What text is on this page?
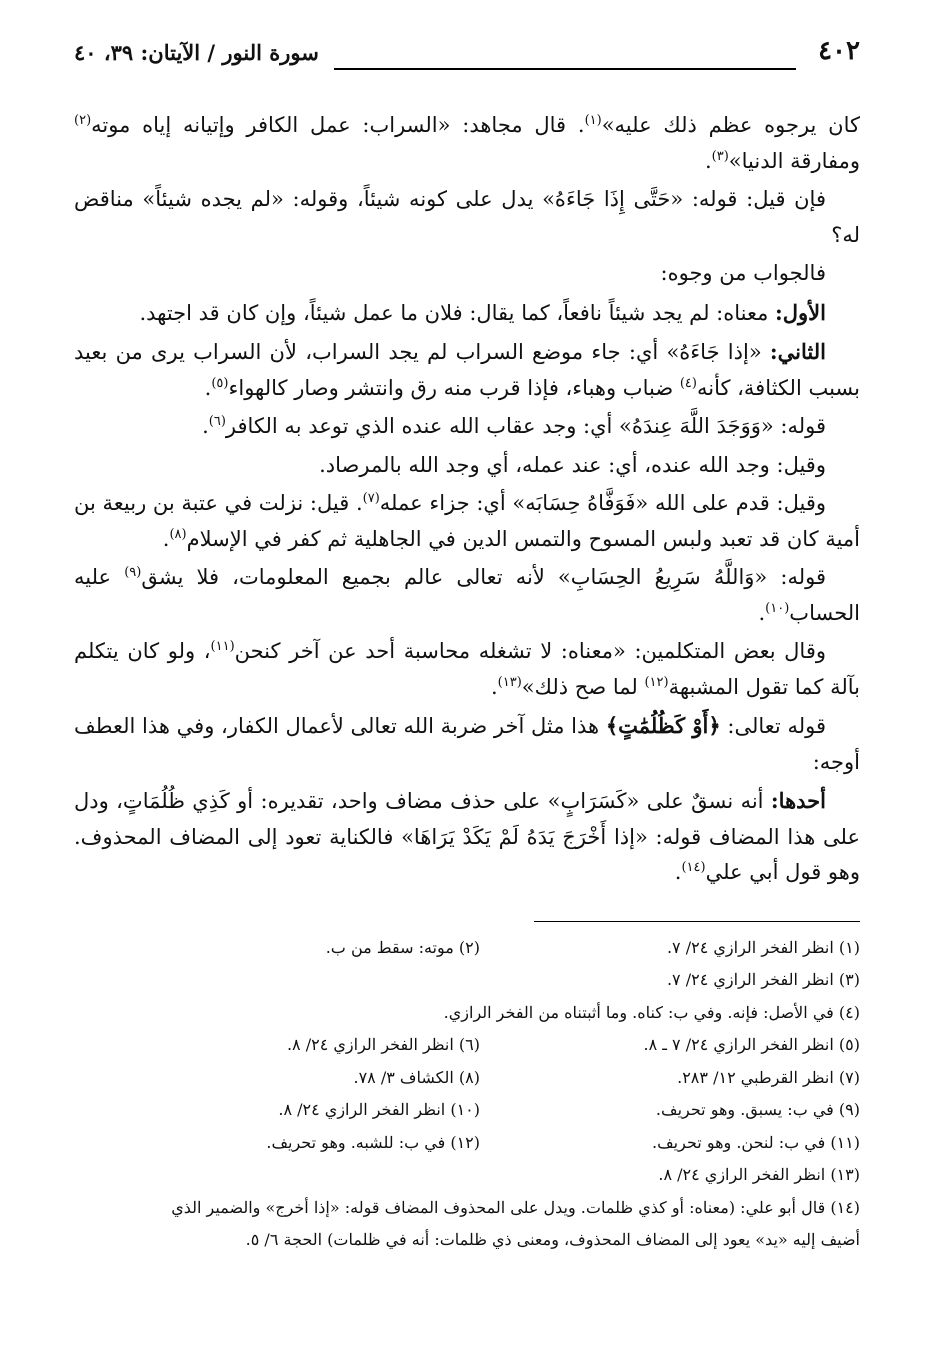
٤٠٢
سورة النور / الآيتان: ٣٩، ٤٠

كان يرجوه عظم ذلك عليه»$^{(١)}$. قال مجاهد: «السراب: عمل الكافر وإتيانه إياه موته$^{(٢)}$ ومفارقة الدنيا»$^{(٣)}$.

فإن قيل: قوله: «حَتَّى إِذَا جَاءَهُ» يدل على كونه شيئاً، وقوله: «لم يجده شيئاً» مناقض له؟

فالجواب من وجوه:

الأول: معناه: لم يجد شيئاً نافعاً، كما يقال: فلان ما عمل شيئاً، وإن كان قد اجتهد.

الثاني: «إذا جَاءَهُ» أي: جاء موضع السراب لم يجد السراب، لأن السراب يرى من بعيد بسبب الكثافة، كأنه$^{(٤)}$ ضباب وهباء، فإذا قرب منه رق وانتشر وصار كالهواء$^{(٥)}$.

قوله: «وَوَجَدَ اللَّهَ عِندَهُ» أي: وجد عقاب الله عنده الذي توعد به الكافر$^{(٦)}$.

وقيل: وجد الله عنده، أي: عند عمله، أي وجد الله بالمرصاد.

وقيل: قدم على الله «فَوَفَّاهُ حِسَابَه» أي: جزاء عمله$^{(٧)}$. قيل: نزلت في عتبة بن ربيعة بن أمية كان قد تعبد ولبس المسوح والتمس الدين في الجاهلية ثم كفر في الإسلام$^{(٨)}$.

قوله: «وَاللَّهُ سَرِيعُ الحِسَابِ» لأنه تعالى عالم بجميع المعلومات، فلا يشق$^{(٩)}$ عليه الحساب$^{(١٠)}$.

وقال بعض المتكلمين: «معناه: لا تشغله محاسبة أحد عن آخر كنحن$^{(١١)}$، ولو كان يتكلم بآلة كما تقول المشبهة$^{(١٢)}$ لما صح ذلك»$^{(١٣)}$.

قوله تعالى: ﴿أَوْ كَظُلُمَٰتٍ﴾ هذا مثل آخر ضربة الله تعالى لأعمال الكفار، وفي هذا العطف أوجه:

أحدها: أنه نسقٌ على «كَسَرَابٍ» على حذف مضاف واحد، تقديره: أو كَذِي ظُلُمَاتٍ، ودل على هذا المضاف قوله: «إذا أَخْرَجَ يَدَهُ لَمْ يَكَدْ يَرَاهَا» فالكناية تعود إلى المضاف المحذوف. وهو قول أبي علي$^{(١٤)}$.

(١) انظر الفخر الرازي ٢٤/ ٧.
(٢) موته: سقط من ب.
(٣) انظر الفخر الرازي ٢٤/ ٧.
(٤) في الأصل: فإنه. وفي ب: كناه. وما أثبتناه من الفخر الرازي.
(٥) انظر الفخر الرازي ٢٤/ ٧ ـ ٨.
(٦) انظر الفخر الرازي ٢٤/ ٨.
(٧) انظر القرطبي ١٢/ ٢٨٣.
(٨) الكشاف ٣/ ٧٨.
(٩) في ب: يسبق. وهو تحريف.
(١٠) انظر الفخر الرازي ٢٤/ ٨.
(١١) في ب: لنحن. وهو تحريف.
(١٢) في ب: للشبه. وهو تحريف.
(١٣) انظر الفخر الرازي ٢٤/ ٨.
(١٤) قال أبو علي: (معناه: أو كذي ظلمات. ويدل على المحذوف المضاف قوله: «إذا أخرج» والضمير الذي
أضيف إليه «يد» يعود إلى المضاف المحذوف، ومعنى ذي ظلمات: أنه في ظلمات) الحجة ٦/ ٥.
